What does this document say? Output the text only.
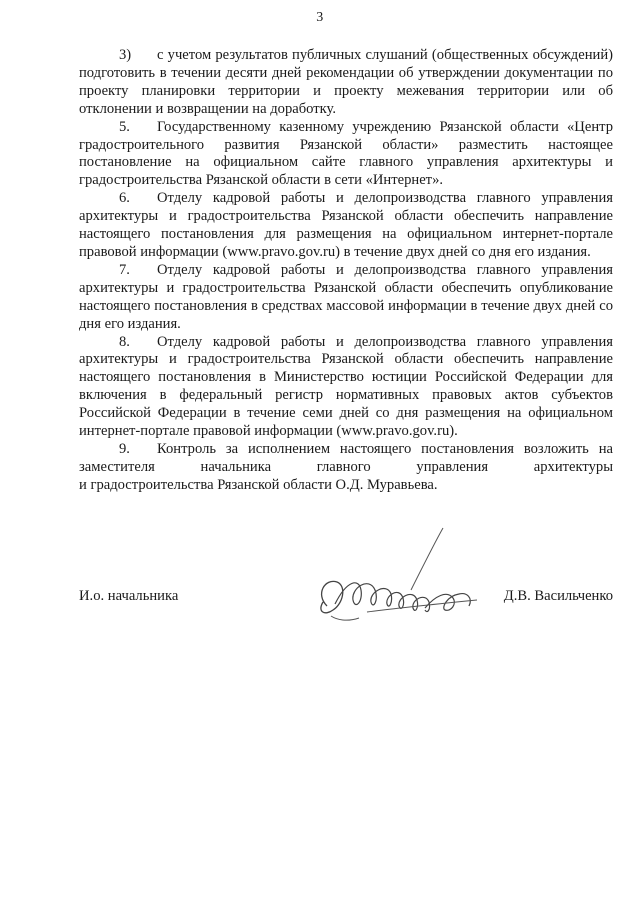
3

3) с учетом результатов публичных слушаний (общественных обсуждений) подготовить в течении десяти дней рекомендации об утверждении документации по проекту планировки территории и проекту межевания территории или об отклонении и возвращении на доработку.

5. Государственному казенному учреждению Рязанской области «Центр градостроительного развития Рязанской области» разместить настоящее постановление на официальном сайте главного управления архитектуры и градостроительства Рязанской области в сети «Интернет».

6. Отделу кадровой работы и делопроизводства главного управления архитектуры и градостроительства Рязанской области обеспечить направление настоящего постановления для размещения на официальном интернет-портале правовой информации (www.pravo.gov.ru) в течение двух дней со дня его издания.

7. Отделу кадровой работы и делопроизводства главного управления архитектуры и градостроительства Рязанской области обеспечить опубликование настоящего постановления в средствах массовой информации в течение двух дней со дня его издания.

8. Отделу кадровой работы и делопроизводства главного управления архитектуры и градостроительства Рязанской области обеспечить направление настоящего постановления в Министерство юстиции Российской Федерации для включения в федеральный регистр нормативных правовых актов субъектов Российской Федерации в течение семи дней со дня размещения на официальном интернет-портале правовой информации (www.pravo.gov.ru).

9. Контроль за исполнением настоящего постановления возложить на заместителя начальника главного управления архитектуры

и градостроительства Рязанской области О.Д. Муравьева.

И.о. начальника	Д.В. Васильченко
